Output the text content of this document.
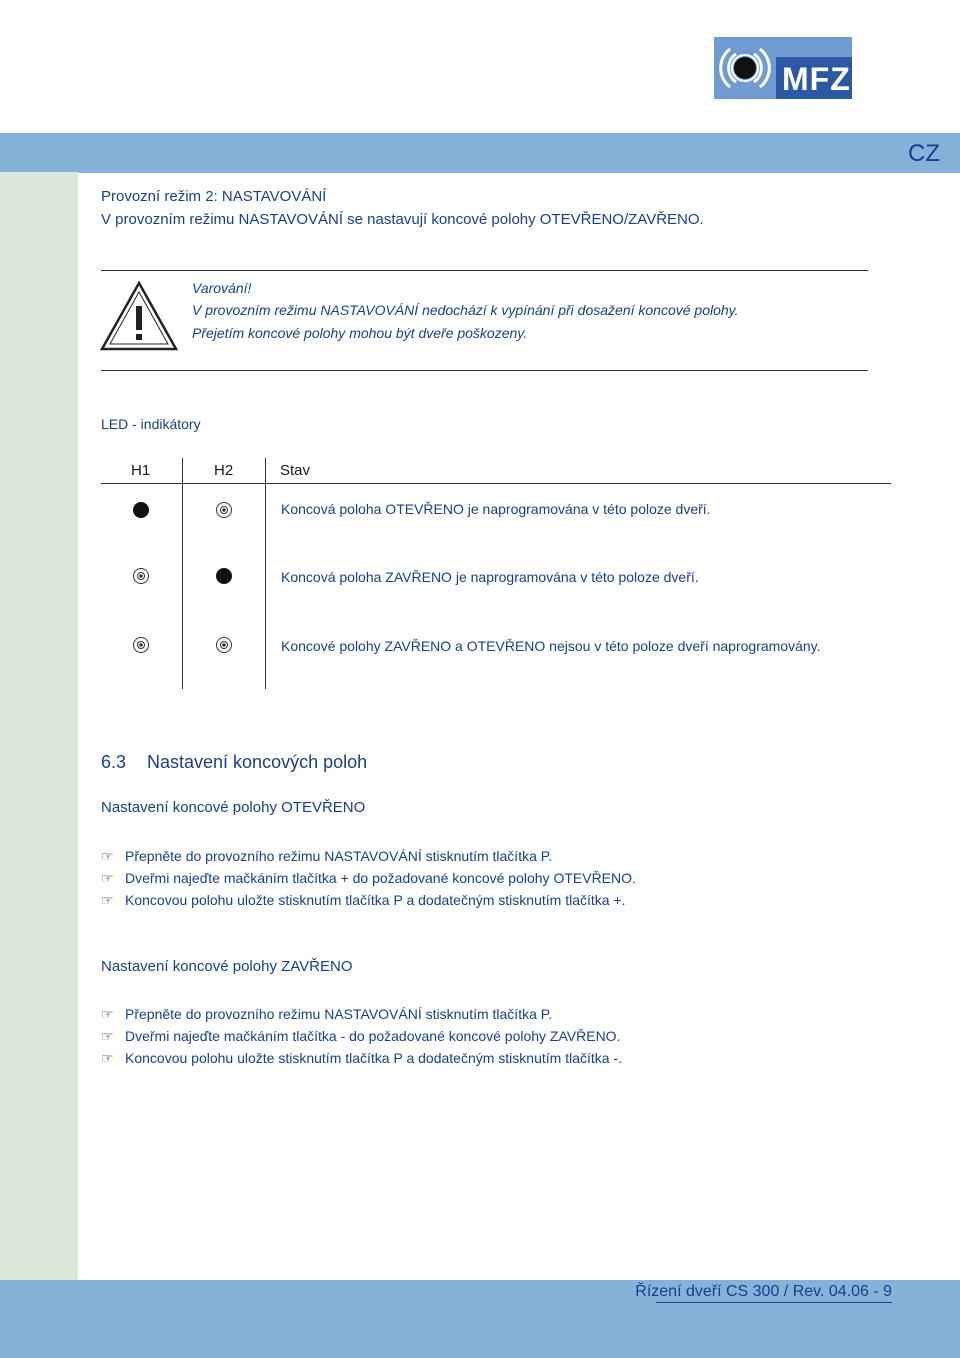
MFZ
CZ
Provozní režim 2: NASTAVOVÁNÍ
V provozním režimu NASTAVOVÁNÍ se nastavují koncové polohy OTEVŘENO/ZAVŘENO.
Varování!
V provozním režimu NASTAVOVÁNÍ nedochází k vypínání při dosažení koncové polohy.
Přejetím koncové polohy mohou být dveře poškozeny.
LED - indikátory
H1	H2	Stav
Koncová poloha OTEVŘENO je naprogramována v této poloze dveří.
Koncová poloha ZAVŘENO je naprogramována v této poloze dveří.
Koncové polohy ZAVŘENO a OTEVŘENO nejsou v této poloze dveří naprogramovány.
6.3 Nastavení koncových poloh
Nastavení koncové polohy OTEVŘENO
☞ Přepněte do provozního režimu NASTAVOVÁNÍ stisknutím tlačítka P.
☞ Dveřmi najeďte mačkáním tlačítka + do požadované koncové polohy OTEVŘENO.
☞ Koncovou polohu uložte stisknutím tlačítka P a dodatečným stisknutím tlačítka +.
Nastavení koncové polohy ZAVŘENO
☞ Přepněte do provozního režimu NASTAVOVÁNÍ stisknutím tlačítka P.
☞ Dveřmi najeďte mačkáním tlačítka - do požadované koncové polohy ZAVŘENO.
☞ Koncovou polohu uložte stisknutím tlačítka P a dodatečným stisknutím tlačítka -.
Řízení dveří CS 300 / Rev. 04.06 - 9
